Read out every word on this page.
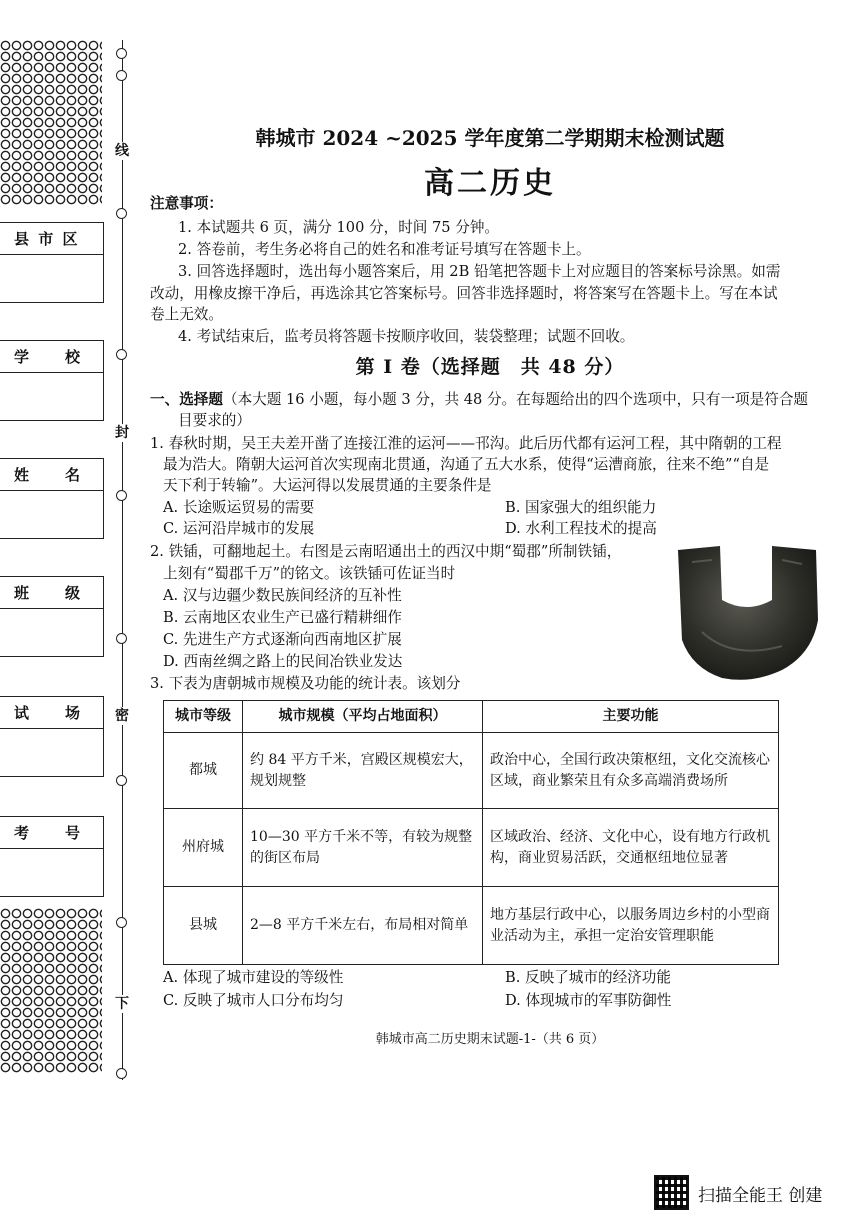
线
封
密
下
县 市 区
学　　校
姓　　名
班　　级
试　　场
考　　号
韩城市 2024 ~2025 学年度第二学期期末检测试题
高二历史
注意事项：
1. 本试题共 6 页，满分 100 分，时间 75 分钟。
2. 答卷前，考生务必将自己的姓名和准考证号填写在答题卡上。
3. 回答选择题时，选出每小题答案后，用 2B 铅笔把答题卡上对应题目的答案标号涂黑。如需
改动，用橡皮擦干净后，再选涂其它答案标号。回答非选择题时，将答案写在答题卡上。写在本试
卷上无效。
4. 考试结束后，监考员将答题卡按顺序收回，装袋整理；试题不回收。
第 Ⅰ 卷（选择题　共 48 分）
一、选择题（本大题 16 小题，每小题 3 分，共 48 分。在每题给出的四个选项中，只有一项是符合题
目要求的）
1. 春秋时期，吴王夫差开凿了连接江淮的运河——邗沟。此后历代都有运河工程，其中隋朝的工程
最为浩大。隋朝大运河首次实现南北贯通，沟通了五大水系，使得“运漕商旅，往来不绝”“自是
天下利于转输”。大运河得以发展贯通的主要条件是
A. 长途贩运贸易的需要	B. 国家强大的组织能力
C. 运河沿岸城市的发展	D. 水利工程技术的提高
2. 铁锸，可翻地起土。右图是云南昭通出土的西汉中期“蜀郡”所制铁锸，
上刻有“蜀郡千万”的铭文。该铁锸可佐证当时
A. 汉与边疆少数民族间经济的互补性
B. 云南地区农业生产已盛行精耕细作
C. 先进生产方式逐渐向西南地区扩展
D. 西南丝绸之路上的民间冶铁业发达
3. 下表为唐朝城市规模及功能的统计表。该划分
城市等级	城市规模（平均占地面积）	主要功能
都城	约 84 平方千米，宫殿区规模宏大，规划规整	政治中心，全国行政决策枢纽，文化交流核心区域，商业繁荣且有众多高端消费场所
州府城	10—30 平方千米不等，有较为规整的街区布局	区域政治、经济、文化中心，设有地方行政机构，商业贸易活跃，交通枢纽地位显著
县城	2—8 平方千米左右，布局相对简单	地方基层行政中心，以服务周边乡村的小型商业活动为主，承担一定治安管理职能
A. 体现了城市建设的等级性	B. 反映了城市的经济功能
C. 反映了城市人口分布均匀	D. 体现城市的军事防御性
韩城市高二历史期末试题-1-（共 6 页）
扫描全能王 创建
